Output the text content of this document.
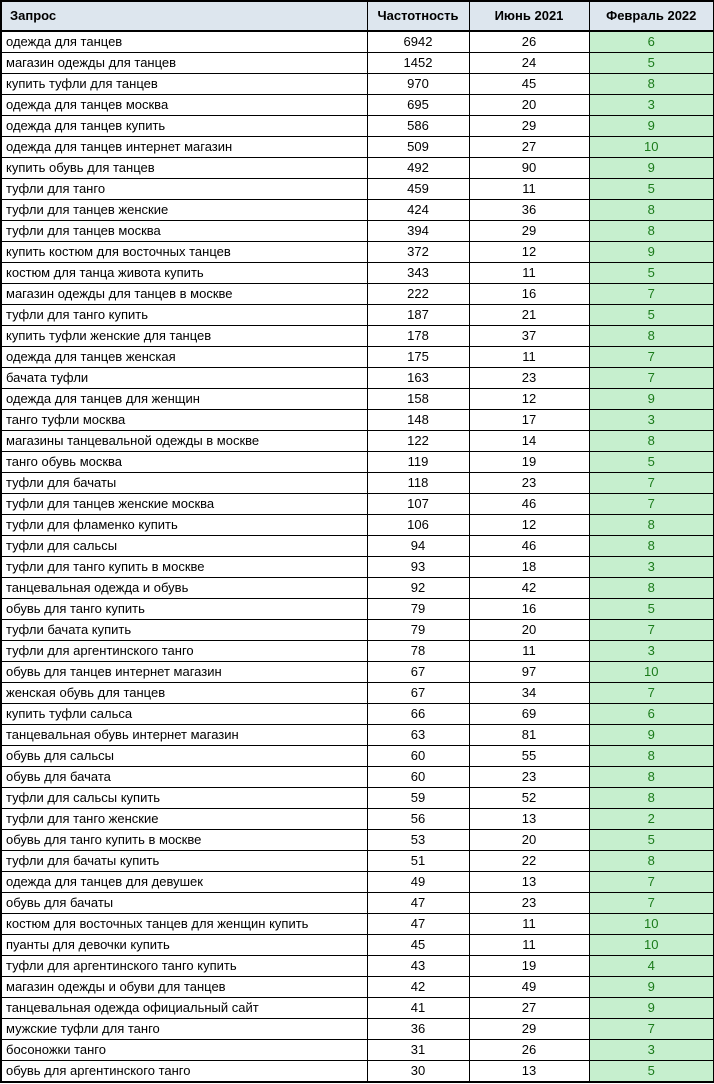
Запрос	Частотность	Июнь 2021	Февраль 2022
одежда для танцев	6942	26	6
магазин одежды для танцев	1452	24	5
купить туфли для танцев	970	45	8
одежда для танцев москва	695	20	3
одежда для танцев купить	586	29	9
одежда для танцев интернет магазин	509	27	10
купить обувь для танцев	492	90	9
туфли для танго	459	11	5
туфли для танцев женские	424	36	8
туфли для танцев москва	394	29	8
купить костюм для восточных танцев	372	12	9
костюм для танца живота купить	343	11	5
магазин одежды для танцев в москве	222	16	7
туфли для танго купить	187	21	5
купить туфли женские для танцев	178	37	8
одежда для танцев женская	175	11	7
бачата туфли	163	23	7
одежда для танцев для женщин	158	12	9
танго туфли москва	148	17	3
магазины танцевальной одежды в москве	122	14	8
танго обувь москва	119	19	5
туфли для бачаты	118	23	7
туфли для танцев женские москва	107	46	7
туфли для фламенко купить	106	12	8
туфли для сальсы	94	46	8
туфли для танго купить в москве	93	18	3
танцевальная одежда и обувь	92	42	8
обувь для танго купить	79	16	5
туфли бачата купить	79	20	7
туфли для аргентинского танго	78	11	3
обувь для танцев интернет магазин	67	97	10
женская обувь для танцев	67	34	7
купить туфли сальса	66	69	6
танцевальная обувь интернет магазин	63	81	9
обувь для сальсы	60	55	8
обувь для бачата	60	23	8
туфли для сальсы купить	59	52	8
туфли для танго женские	56	13	2
обувь для танго купить в москве	53	20	5
туфли для бачаты купить	51	22	8
одежда для танцев для девушек	49	13	7
обувь для бачаты	47	23	7
костюм для восточных танцев для женщин купить	47	11	10
пуанты для девочки купить	45	11	10
туфли для аргентинского танго купить	43	19	4
магазин одежды и обуви для танцев	42	49	9
танцевальная одежда официальный сайт	41	27	9
мужские туфли для танго	36	29	7
босоножки танго	31	26	3
обувь для аргентинского танго	30	13	5
